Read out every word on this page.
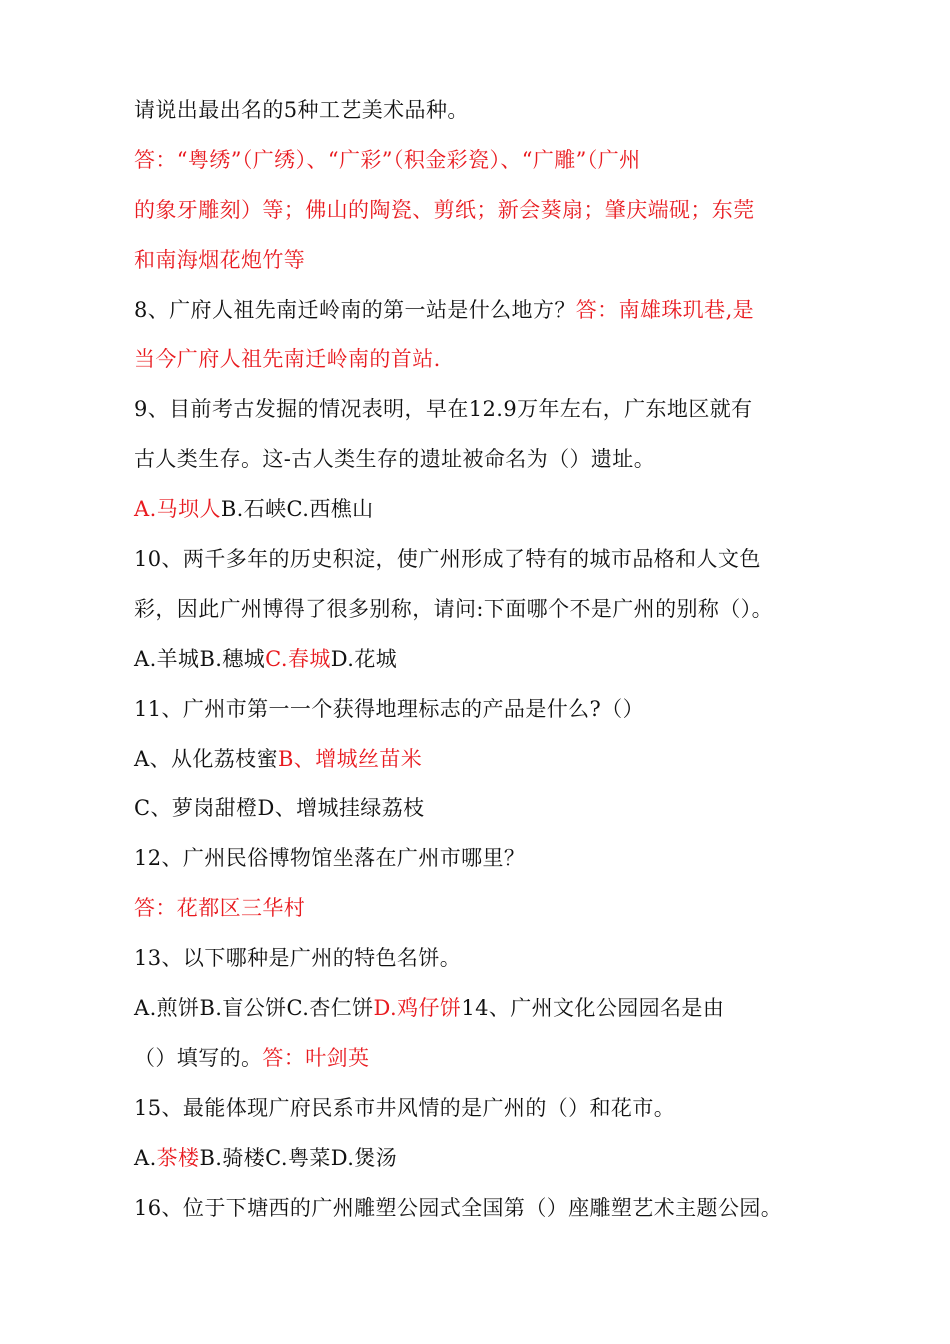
请说出最出名的5种工艺美术品种。
答：“粤绣”（广绣）、“广彩”（积金彩瓷）、“广雕”（广州
的象牙雕刻）等；佛山的陶瓷、剪纸；新会葵扇；肇庆端砚；东莞
和南海烟花炮竹等
8、广府人祖先南迁岭南的第一站是什么地方？答：南雄珠玑巷,是
当今广府人祖先南迁岭南的首站.
9、目前考古发掘的情况表明，早在12.9万年左右，广东地区就有
古人类生存。这-古人类生存的遗址被命名为（）遗址。
A.马坝人B.石峡C.西樵山
10、两千多年的历史积淀，使广州形成了特有的城市品格和人文色
彩，因此广州博得了很多别称，请问:下面哪个不是广州的别称（）。
A.羊城B.穗城C.春城D.花城
11、广州市第一一个获得地理标志的产品是什么?（）
A、从化荔枝蜜B、增城丝苗米
C、萝岗甜橙D、增城挂绿荔枝
12、广州民俗博物馆坐落在广州市哪里？
答：花都区三华村
13、以下哪种是广州的特色名饼。
A.煎饼B.盲公饼C.杏仁饼D.鸡仔饼14、广州文化公园园名是由
（）填写的。答：叶剑英
15、最能体现广府民系市井风情的是广州的（）和花市。
A.茶楼B.骑楼C.粤菜D.煲汤
16、位于下塘西的广州雕塑公园式全国第（）座雕塑艺术主题公园。
